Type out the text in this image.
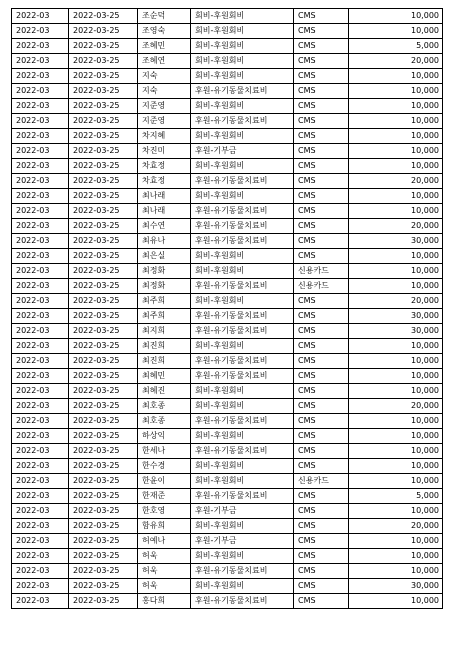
2022-03	2022-03-25	조순덕	회비-후원회비	CMS	10,000
2022-03	2022-03-25	조영숙	회비-후원회비	CMS	10,000
2022-03	2022-03-25	조혜민	회비-후원회비	CMS	5,000
2022-03	2022-03-25	조혜연	회비-후원회비	CMS	20,000
2022-03	2022-03-25	지숙	회비-후원회비	CMS	10,000
2022-03	2022-03-25	지숙	후원-유기동물치료비	CMS	10,000
2022-03	2022-03-25	지준영	회비-후원회비	CMS	10,000
2022-03	2022-03-25	지준영	후원-유기동물치료비	CMS	10,000
2022-03	2022-03-25	차지혜	회비-후원회비	CMS	10,000
2022-03	2022-03-25	차진미	후원-기부금	CMS	10,000
2022-03	2022-03-25	차효정	회비-후원회비	CMS	10,000
2022-03	2022-03-25	차효정	후원-유기동물치료비	CMS	20,000
2022-03	2022-03-25	최나래	회비-후원회비	CMS	10,000
2022-03	2022-03-25	최나래	후원-유기동물치료비	CMS	10,000
2022-03	2022-03-25	최수연	후원-유기동물치료비	CMS	20,000
2022-03	2022-03-25	최유나	후원-유기동물치료비	CMS	30,000
2022-03	2022-03-25	최은실	회비-후원회비	CMS	10,000
2022-03	2022-03-25	최정화	회비-후원회비	신용카드	10,000
2022-03	2022-03-25	최정화	후원-유기동물치료비	신용카드	10,000
2022-03	2022-03-25	최주희	회비-후원회비	CMS	20,000
2022-03	2022-03-25	최주희	후원-유기동물치료비	CMS	30,000
2022-03	2022-03-25	최지희	후원-유기동물치료비	CMS	30,000
2022-03	2022-03-25	최진희	회비-후원회비	CMS	10,000
2022-03	2022-03-25	최진희	후원-유기동물치료비	CMS	10,000
2022-03	2022-03-25	최혜민	후원-유기동물치료비	CMS	10,000
2022-03	2022-03-25	최혜진	회비-후원회비	CMS	10,000
2022-03	2022-03-25	최호종	회비-후원회비	CMS	20,000
2022-03	2022-03-25	최호종	후원-유기동물치료비	CMS	10,000
2022-03	2022-03-25	하상익	회비-후원회비	CMS	10,000
2022-03	2022-03-25	한세나	후원-유기동물치료비	CMS	10,000
2022-03	2022-03-25	한수경	회비-후원회비	CMS	10,000
2022-03	2022-03-25	한윤이	회비-후원회비	신용카드	10,000
2022-03	2022-03-25	한재준	후원-유기동물치료비	CMS	5,000
2022-03	2022-03-25	한호영	후원-기부금	CMS	10,000
2022-03	2022-03-25	함유희	회비-후원회비	CMS	20,000
2022-03	2022-03-25	허예나	후원-기부금	CMS	10,000
2022-03	2022-03-25	허욱	회비-후원회비	CMS	10,000
2022-03	2022-03-25	허욱	후원-유기동물치료비	CMS	10,000
2022-03	2022-03-25	허욱	회비-후원회비	CMS	30,000
2022-03	2022-03-25	홍다희	후원-유기동물치료비	CMS	10,000
